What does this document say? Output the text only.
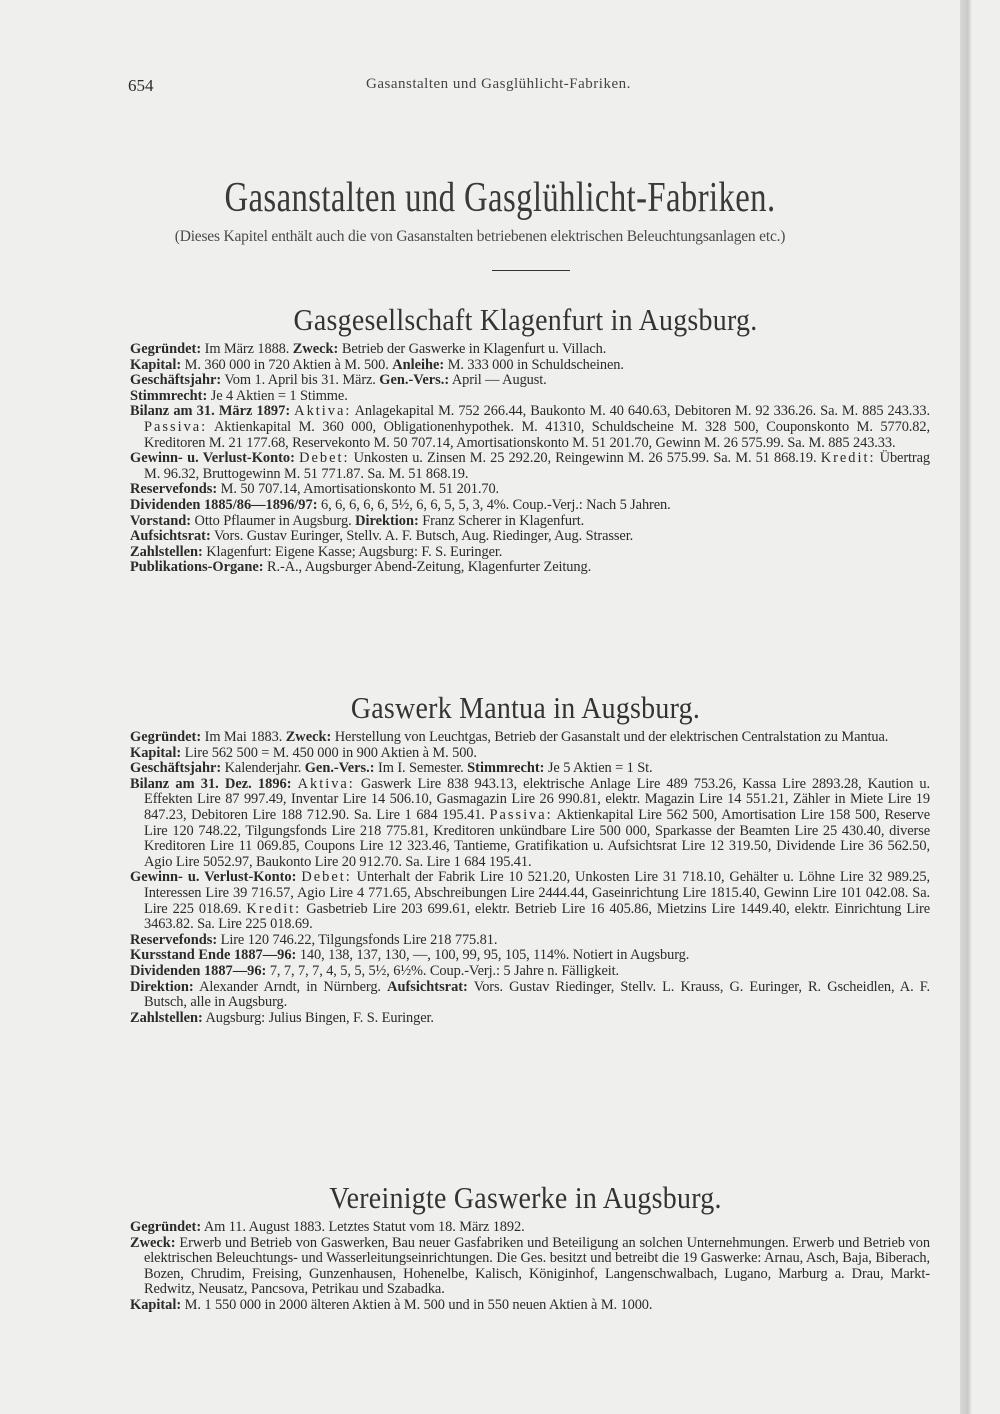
654	Gasanstalten und Gasglühlicht-Fabriken.
Gasanstalten und Gasglühlicht-Fabriken.
(Dieses Kapitel enthält auch die von Gasanstalten betriebenen elektrischen Beleuchtungsanlagen etc.)
Gasgesellschaft Klagenfurt in Augsburg.
Gegründet: Im März 1888. Zweck: Betrieb der Gaswerke in Klagenfurt u. Villach.
Kapital: M. 360 000 in 720 Aktien à M. 500. Anleihe: M. 333 000 in Schuldscheinen.
Geschäftsjahr: Vom 1. April bis 31. März. Gen.-Vers.: April — August.
Stimmrecht: Je 4 Aktien = 1 Stimme.
Bilanz am 31. März 1897: Aktiva: Anlagekapital M. 752 266.44, Baukonto M. 40 640.63, Debitoren M. 92 336.26. Sa. M. 885 243.33. Passiva: Aktienkapital M. 360 000, Obligationenhypothek. M. 41310, Schuldscheine M. 328 500, Couponskonto M. 5770.82, Kreditoren M. 21 177.68, Reservekonto M. 50 707.14, Amortisationskonto M. 51 201.70, Gewinn M. 26 575.99. Sa. M. 885 243.33.
Gewinn- u. Verlust-Konto: Debet: Unkosten u. Zinsen M. 25 292.20, Reingewinn M. 26 575.99. Sa. M. 51 868.19. Kredit: Übertrag M. 96.32, Bruttogewinn M. 51 771.87. Sa. M. 51 868.19.
Reservefonds: M. 50 707.14, Amortisationskonto M. 51 201.70.
Dividenden 1885/86—1896/97: 6, 6, 6, 6, 6, 5½, 6, 6, 5, 5, 3, 4%. Coup.-Verj.: Nach 5 Jahren.
Vorstand: Otto Pflaumer in Augsburg. Direktion: Franz Scherer in Klagenfurt.
Aufsichtsrat: Vors. Gustav Euringer, Stellv. A. F. Butsch, Aug. Riedinger, Aug. Strasser.
Zahlstellen: Klagenfurt: Eigene Kasse; Augsburg: F. S. Euringer.
Publikations-Organe: R.-A., Augsburger Abend-Zeitung, Klagenfurter Zeitung.
Gaswerk Mantua in Augsburg.
Gegründet: Im Mai 1883. Zweck: Herstellung von Leuchtgas, Betrieb der Gasanstalt und der elektrischen Centralstation zu Mantua.
Kapital: Lire 562 500 = M. 450 000 in 900 Aktien à M. 500.
Geschäftsjahr: Kalenderjahr. Gen.-Vers.: Im I. Semester. Stimmrecht: Je 5 Aktien = 1 St.
Bilanz am 31. Dez. 1896: Aktiva: Gaswerk Lire 838 943.13, elektrische Anlage Lire 489 753.26, Kassa Lire 2893.28, Kaution u. Effekten Lire 87 997.49, Inventar Lire 14 506.10, Gasmagazin Lire 26 990.81, elektr. Magazin Lire 14 551.21, Zähler in Miete Lire 19 847.23, Debitoren Lire 188 712.90. Sa. Lire 1 684 195.41. Passiva: Aktienkapital Lire 562 500, Amortisation Lire 158 500, Reserve Lire 120 748.22, Tilgungsfonds Lire 218 775.81, Kreditoren unkündbare Lire 500 000, Sparkasse der Beamten Lire 25 430.40, diverse Kreditoren Lire 11 069.85, Coupons Lire 12 323.46, Tantieme, Gratifikation u. Aufsichtsrat Lire 12 319.50, Dividende Lire 36 562.50, Agio Lire 5052.97, Baukonto Lire 20 912.70. Sa. Lire 1 684 195.41.
Gewinn- u. Verlust-Konto: Debet: Unterhalt der Fabrik Lire 10 521.20, Unkosten Lire 31 718.10, Gehälter u. Löhne Lire 32 989.25, Interessen Lire 39 716.57, Agio Lire 4 771.65, Abschreibungen Lire 2444.44, Gaseinrichtung Lire 1815.40, Gewinn Lire 101 042.08. Sa. Lire 225 018.69. Kredit: Gasbetrieb Lire 203 699.61, elektr. Betrieb Lire 16 405.86, Mietzins Lire 1449.40, elektr. Einrichtung Lire 3463.82. Sa. Lire 225 018.69.
Reservefonds: Lire 120 746.22, Tilgungsfonds Lire 218 775.81.
Kursstand Ende 1887—96: 140, 138, 137, 130, —, 100, 99, 95, 105, 114%. Notiert in Augsburg.
Dividenden 1887—96: 7, 7, 7, 7, 4, 5, 5, 5½, 6½%. Coup.-Verj.: 5 Jahre n. Fälligkeit.
Direktion: Alexander Arndt, in Nürnberg. Aufsichtsrat: Vors. Gustav Riedinger, Stellv. L. Krauss, G. Euringer, R. Gscheidlen, A. F. Butsch, alle in Augsburg.
Zahlstellen: Augsburg: Julius Bingen, F. S. Euringer.
Vereinigte Gaswerke in Augsburg.
Gegründet: Am 11. August 1883. Letztes Statut vom 18. März 1892.
Zweck: Erwerb und Betrieb von Gaswerken, Bau neuer Gasfabriken und Beteiligung an solchen Unternehmungen. Erwerb und Betrieb von elektrischen Beleuchtungs- und Wasserleitungseinrichtungen. Die Ges. besitzt und betreibt die 19 Gaswerke: Arnau, Asch, Baja, Biberach, Bozen, Chrudim, Freising, Gunzenhausen, Hohenelbe, Kalisch, Königinhof, Langenschwalbach, Lugano, Marburg a. Drau, Markt-Redwitz, Neusatz, Pancsova, Petrikau und Szabadka.
Kapital: M. 1 550 000 in 2000 älteren Aktien à M. 500 und in 550 neuen Aktien à M. 1000.
